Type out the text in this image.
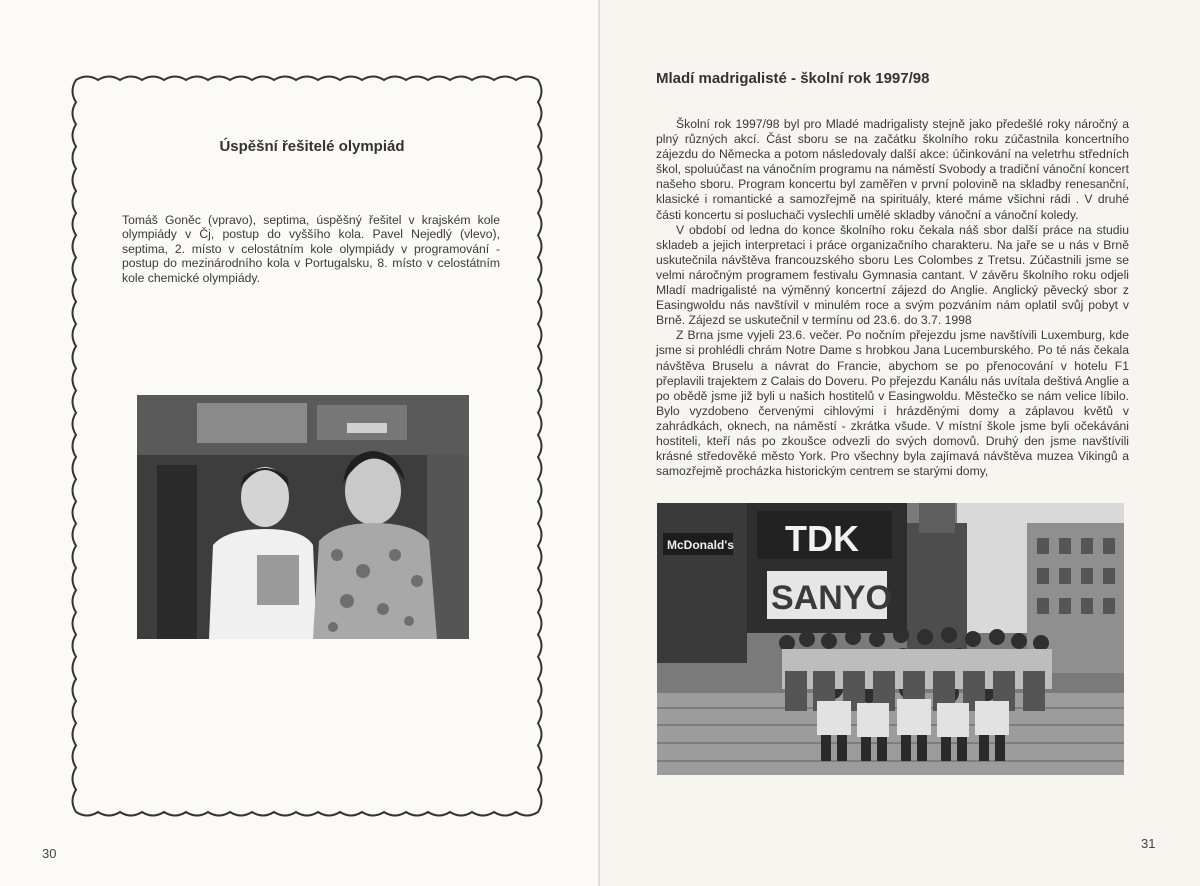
Úspěšní řešitelé olympiád
Tomáš Goněc (vpravo), septima, úspěšný řešitel v krajském kole olympiády v Čj, postup do vyššího kola. Pavel Nejedlý (vlevo), septima, 2. místo v celostátním kole olympiády v programování - postup do mezinárodního kola v Portugalsku, 8. místo v celostátním kole chemické olympiády.
30
Mladí madrigalisté - školní rok 1997/98

Školní rok 1997/98 byl pro Mladé madrigalisty stejně jako předešlé roky náročný a plný různých akcí. Část sboru se na začátku školního roku zúčastnila koncertního zájezdu do Německa a potom následovaly další akce: účinkování na veletrhu středních škol, spoluúčast na vánočním programu na náměstí Svobody a tradiční vánoční koncert našeho sboru. Program koncertu byl zaměřen v první polovině na skladby renesanční, klasické i romantické a samozřejmě na spirituály, které máme všichni rádi . V druhé části koncertu si posluchači vyslechli umělé skladby vánoční a vánoční koledy.

V období od ledna do konce školního roku čekala náš sbor další práce na studiu skladeb a jejich interpretaci i práce organizačního charakteru. Na jaře se u nás v Brně uskutečnila návštěva francouzského sboru Les Colombes z Tretsu. Zúčastnili jsme se velmi náročným programem festivalu Gymnasia cantant. V závěru školního roku odjeli Mladí madrigalisté na výměnný koncertní zájezd do Anglie. Anglický pěvecký sbor z Easingwoldu nás navštívil v minulém roce a svým pozváním nám oplatil svůj pobyt v Brně. Zájezd se uskutečnil v termínu od 23.6. do 3.7. 1998

Z Brna jsme vyjeli 23.6. večer. Po nočním přejezdu jsme navštívili Luxemburg, kde jsme si prohlédli chrám Notre Dame s hrobkou Jana Lucemburského. Po té nás čekala návštěva Bruselu a návrat do Francie, abychom se po přenocování v hotelu F1 přeplavili trajektem z Calais do Doveru. Po přejezdu Kanálu nás uvítala deštivá Anglie a po obědě jsme již byli u našich hostitelů v Easingwoldu. Městečko se nám velice líbilo. Bylo vyzdobeno červenými cihlovými i hrázděnými domy a záplavou květů v zahrádkách, oknech, na náměstí - zkrátka všude. V místní škole jsme byli očekáváni hostiteli, kteří nás po zkoušce odvezli do svých domovů. Druhý den jsme navštívili krásné středověké město York. Pro všechny byla zajímavá návštěva muzea Vikingů a samozřejmě procházka historickým centrem se starými domy,

McDonald's TDK
SANYO
31
